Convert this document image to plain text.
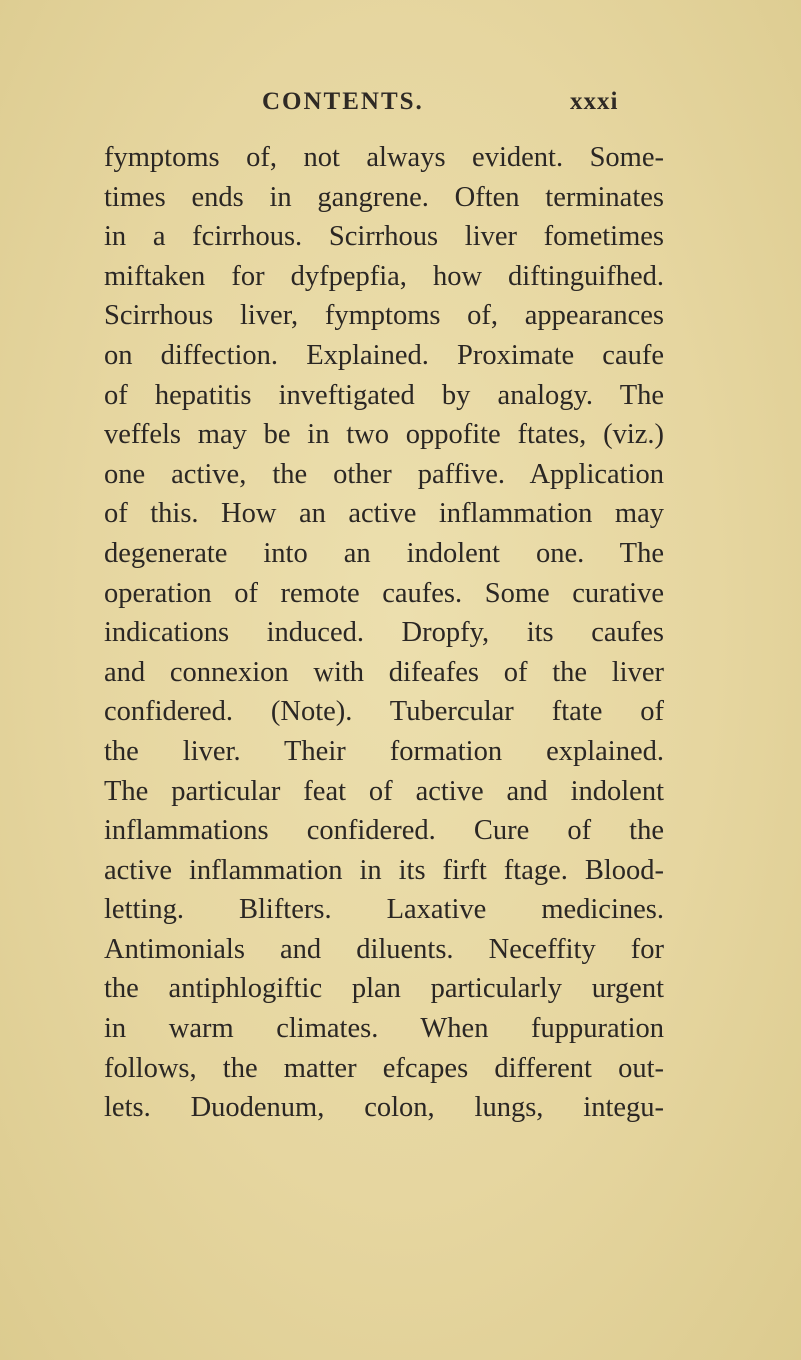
CONTENTS.	xxxi
fymptoms of, not always evident. Some-
times ends in gangrene. Often terminates
in a fcirrhous. Scirrhous liver fometimes
miftaken for dyfpepfia, how diftinguifhed.
Scirrhous liver, fymptoms of, appearances
on diffection. Explained. Proximate caufe
of hepatitis inveftigated by analogy. The
veffels may be in two oppofite ftates, (viz.)
one active, the other paffive. Application
of this. How an active inflammation may
degenerate into an indolent one. The
operation of remote caufes. Some curative
indications induced. Dropfy, its caufes
and connexion with difeafes of the liver
confidered. (Note). Tubercular ftate of
the liver. Their formation explained.
The particular feat of active and indolent
inflammations confidered. Cure of the
active inflammation in its firft ftage. Blood-
letting. Blifters. Laxative medicines.
Antimonials and diluents. Neceffity for
the antiphlogiftic plan particularly urgent
in warm climates. When fuppuration
follows, the matter efcapes different out-
lets. Duodenum, colon, lungs, integu-
